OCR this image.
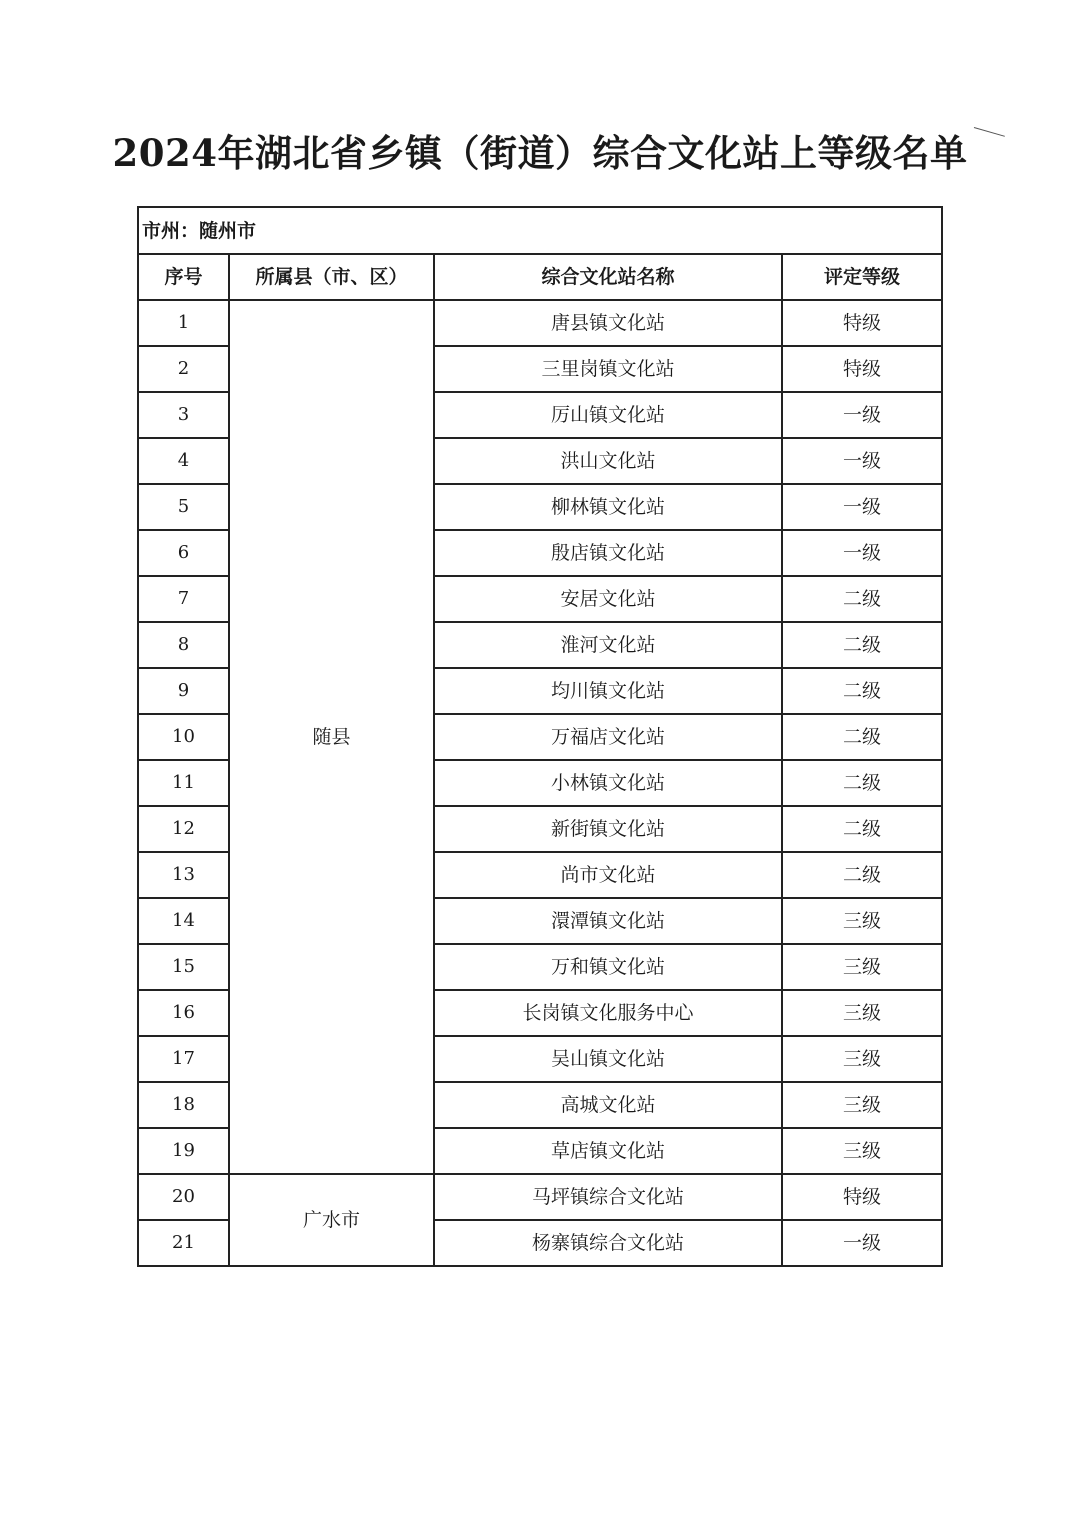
2024年湖北省乡镇（街道）综合文化站上等级名单
市州：随州市			
序号	所属县（市、区）	综合文化站名称	评定等级
1	随县	唐县镇文化站	特级
2		三里岗镇文化站	特级
3		厉山镇文化站	一级
4		洪山文化站	一级
5		柳林镇文化站	一级
6		殷店镇文化站	一级
7		安居文化站	二级
8		淮河文化站	二级
9		均川镇文化站	二级
10		万福店文化站	二级
11		小林镇文化站	二级
12		新街镇文化站	二级
13		尚市文化站	二级
14		澴潭镇文化站	三级
15		万和镇文化站	三级
16		长岗镇文化服务中心	三级
17		吴山镇文化站	三级
18		高城文化站	三级
19		草店镇文化站	三级
20	广水市	马坪镇综合文化站	特级
21		杨寨镇综合文化站	一级
